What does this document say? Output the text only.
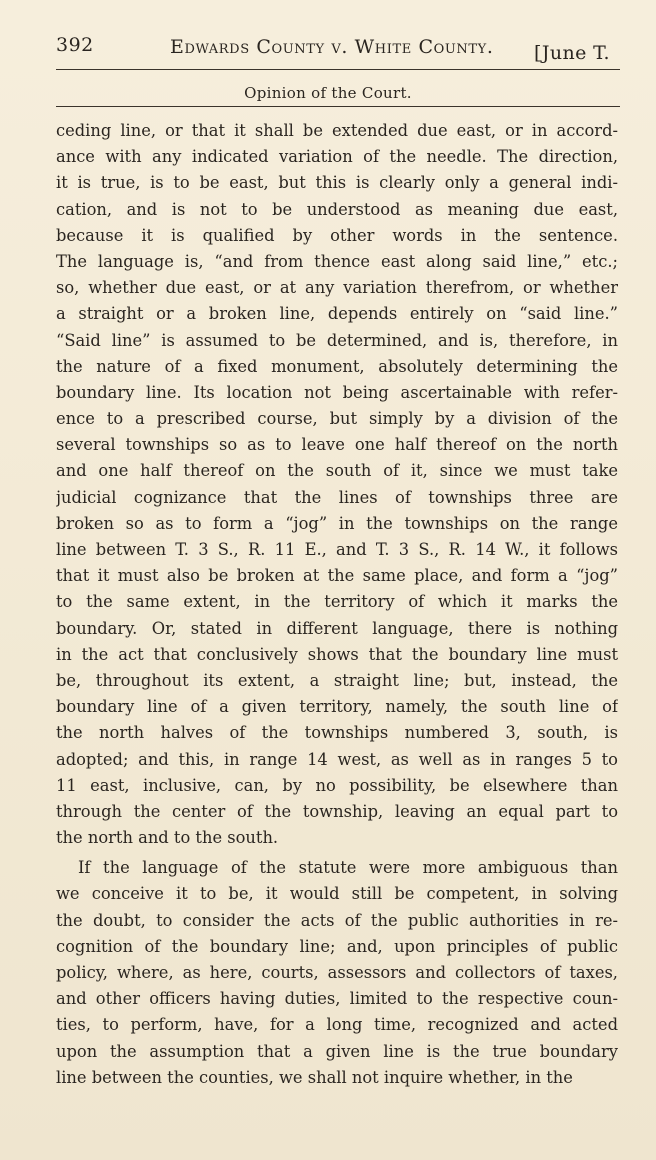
392	Edwards County v. White County. [June T.
Opinion of the Court.
ceding line, or that it shall be extended due east, or in accord-
ance with any indicated variation of the needle. The direction,
it is true, is to be east, but this is clearly only a general indi-
cation, and is not to be understood as meaning due east,
because it is qualified by other words in the sentence.
The language is, “and from thence east along said line,” etc.;
so, whether due east, or at any variation therefrom, or whether
a straight or a broken line, depends entirely on “said line.”
“Said line” is assumed to be determined, and is, therefore, in
the nature of a fixed monument, absolutely determining the
boundary line. Its location not being ascertainable with refer-
ence to a prescribed course, but simply by a division of the
several townships so as to leave one half thereof on the north
and one half thereof on the south of it, since we must take
judicial cognizance that the lines of townships three are
broken so as to form a “jog” in the townships on the range
line between T. 3 S., R. 11 E., and T. 3 S., R. 14 W., it follows
that it must also be broken at the same place, and form a “jog”
to the same extent, in the territory of which it marks the
boundary. Or, stated in different language, there is nothing
in the act that conclusively shows that the boundary line must
be, throughout its extent, a straight line; but, instead, the
boundary line of a given territory, namely, the south line of
the north halves of the townships numbered 3, south, is
adopted; and this, in range 14 west, as well as in ranges 5 to
11 east, inclusive, can, by no possibility, be elsewhere than
through the center of the township, leaving an equal part to
the north and to the south.
If the language of the statute were more ambiguous than
we conceive it to be, it would still be competent, in solving
the doubt, to consider the acts of the public authorities in re-
cognition of the boundary line; and, upon principles of public
policy, where, as here, courts, assessors and collectors of taxes,
and other officers having duties, limited to the respective coun-
ties, to perform, have, for a long time, recognized and acted
upon the assumption that a given line is the true boundary
line between the counties, we shall not inquire whether, in the
